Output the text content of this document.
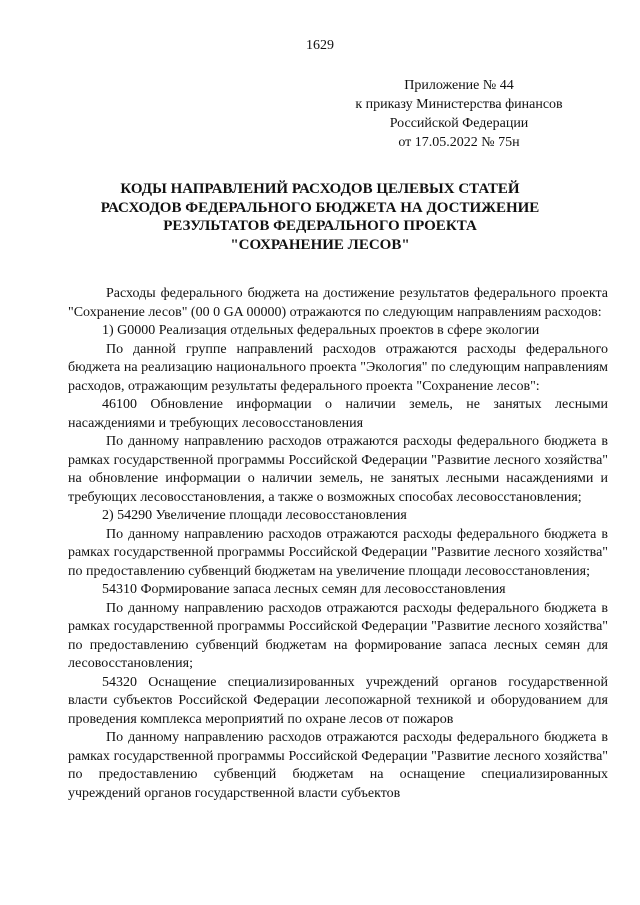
1629
Приложение № 44
к приказу Министерства финансов
Российской Федерации
от 17.05.2022 № 75н
КОДЫ НАПРАВЛЕНИЙ РАСХОДОВ ЦЕЛЕВЫХ СТАТЕЙ
РАСХОДОВ ФЕДЕРАЛЬНОГО БЮДЖЕТА НА ДОСТИЖЕНИЕ
РЕЗУЛЬТАТОВ ФЕДЕРАЛЬНОГО ПРОЕКТА
"СОХРАНЕНИЕ ЛЕСОВ"

Расходы федерального бюджета на достижение результатов федерального проекта "Сохранение лесов" (00 0 GA 00000) отражаются по следующим направлениям расходов:

1) G0000 Реализация отдельных федеральных проектов в сфере экологии

По данной группе направлений расходов отражаются расходы федерального бюджета на реализацию национального проекта "Экология" по следующим направлениям расходов, отражающим результаты федерального проекта "Сохранение лесов":

46100 Обновление информации о наличии земель, не занятых лесными насаждениями и требующих лесовосстановления

По данному направлению расходов отражаются расходы федерального бюджета в рамках государственной программы Российской Федерации "Развитие лесного хозяйства" на обновление информации о наличии земель, не занятых лесными насаждениями и требующих лесовосстановления, а также о возможных способах лесовосстановления;

2) 54290 Увеличение площади лесовосстановления

По данному направлению расходов отражаются расходы федерального бюджета в рамках государственной программы Российской Федерации "Развитие лесного хозяйства" по предоставлению субвенций бюджетам на увеличение площади лесовосстановления;

54310 Формирование запаса лесных семян для лесовосстановления

По данному направлению расходов отражаются расходы федерального бюджета в рамках государственной программы Российской Федерации "Развитие лесного хозяйства" по предоставлению субвенций бюджетам на формирование запаса лесных семян для лесовосстановления;

54320 Оснащение специализированных учреждений органов государственной власти субъектов Российской Федерации лесопожарной техникой и оборудованием для проведения комплекса мероприятий по охране лесов от пожаров

По данному направлению расходов отражаются расходы федерального бюджета в рамках государственной программы Российской Федерации "Развитие лесного хозяйства" по предоставлению субвенций бюджетам на оснащение специализированных учреждений органов государственной власти субъектов
